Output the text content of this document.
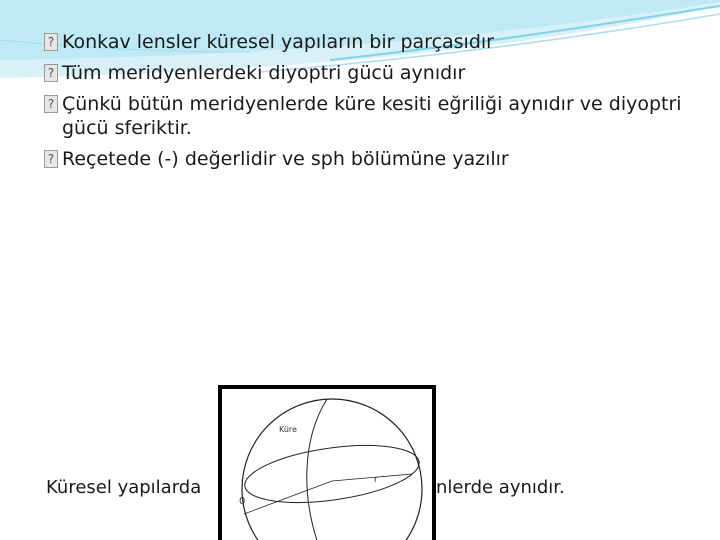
? Konkav lensler küresel yapıların bir parçasıdır
? Tüm meridyenlerdeki diyoptri gücü aynıdır
? Çünkü bütün meridyenlerde küre kesiti eğriliği aynıdır ve diyoptri gücü sferiktir.
? Reçetede (-) değerlidir ve sph bölümüne yazılır
Küresel yapılarda	nlerde aynıdır.
Küre
r
0
